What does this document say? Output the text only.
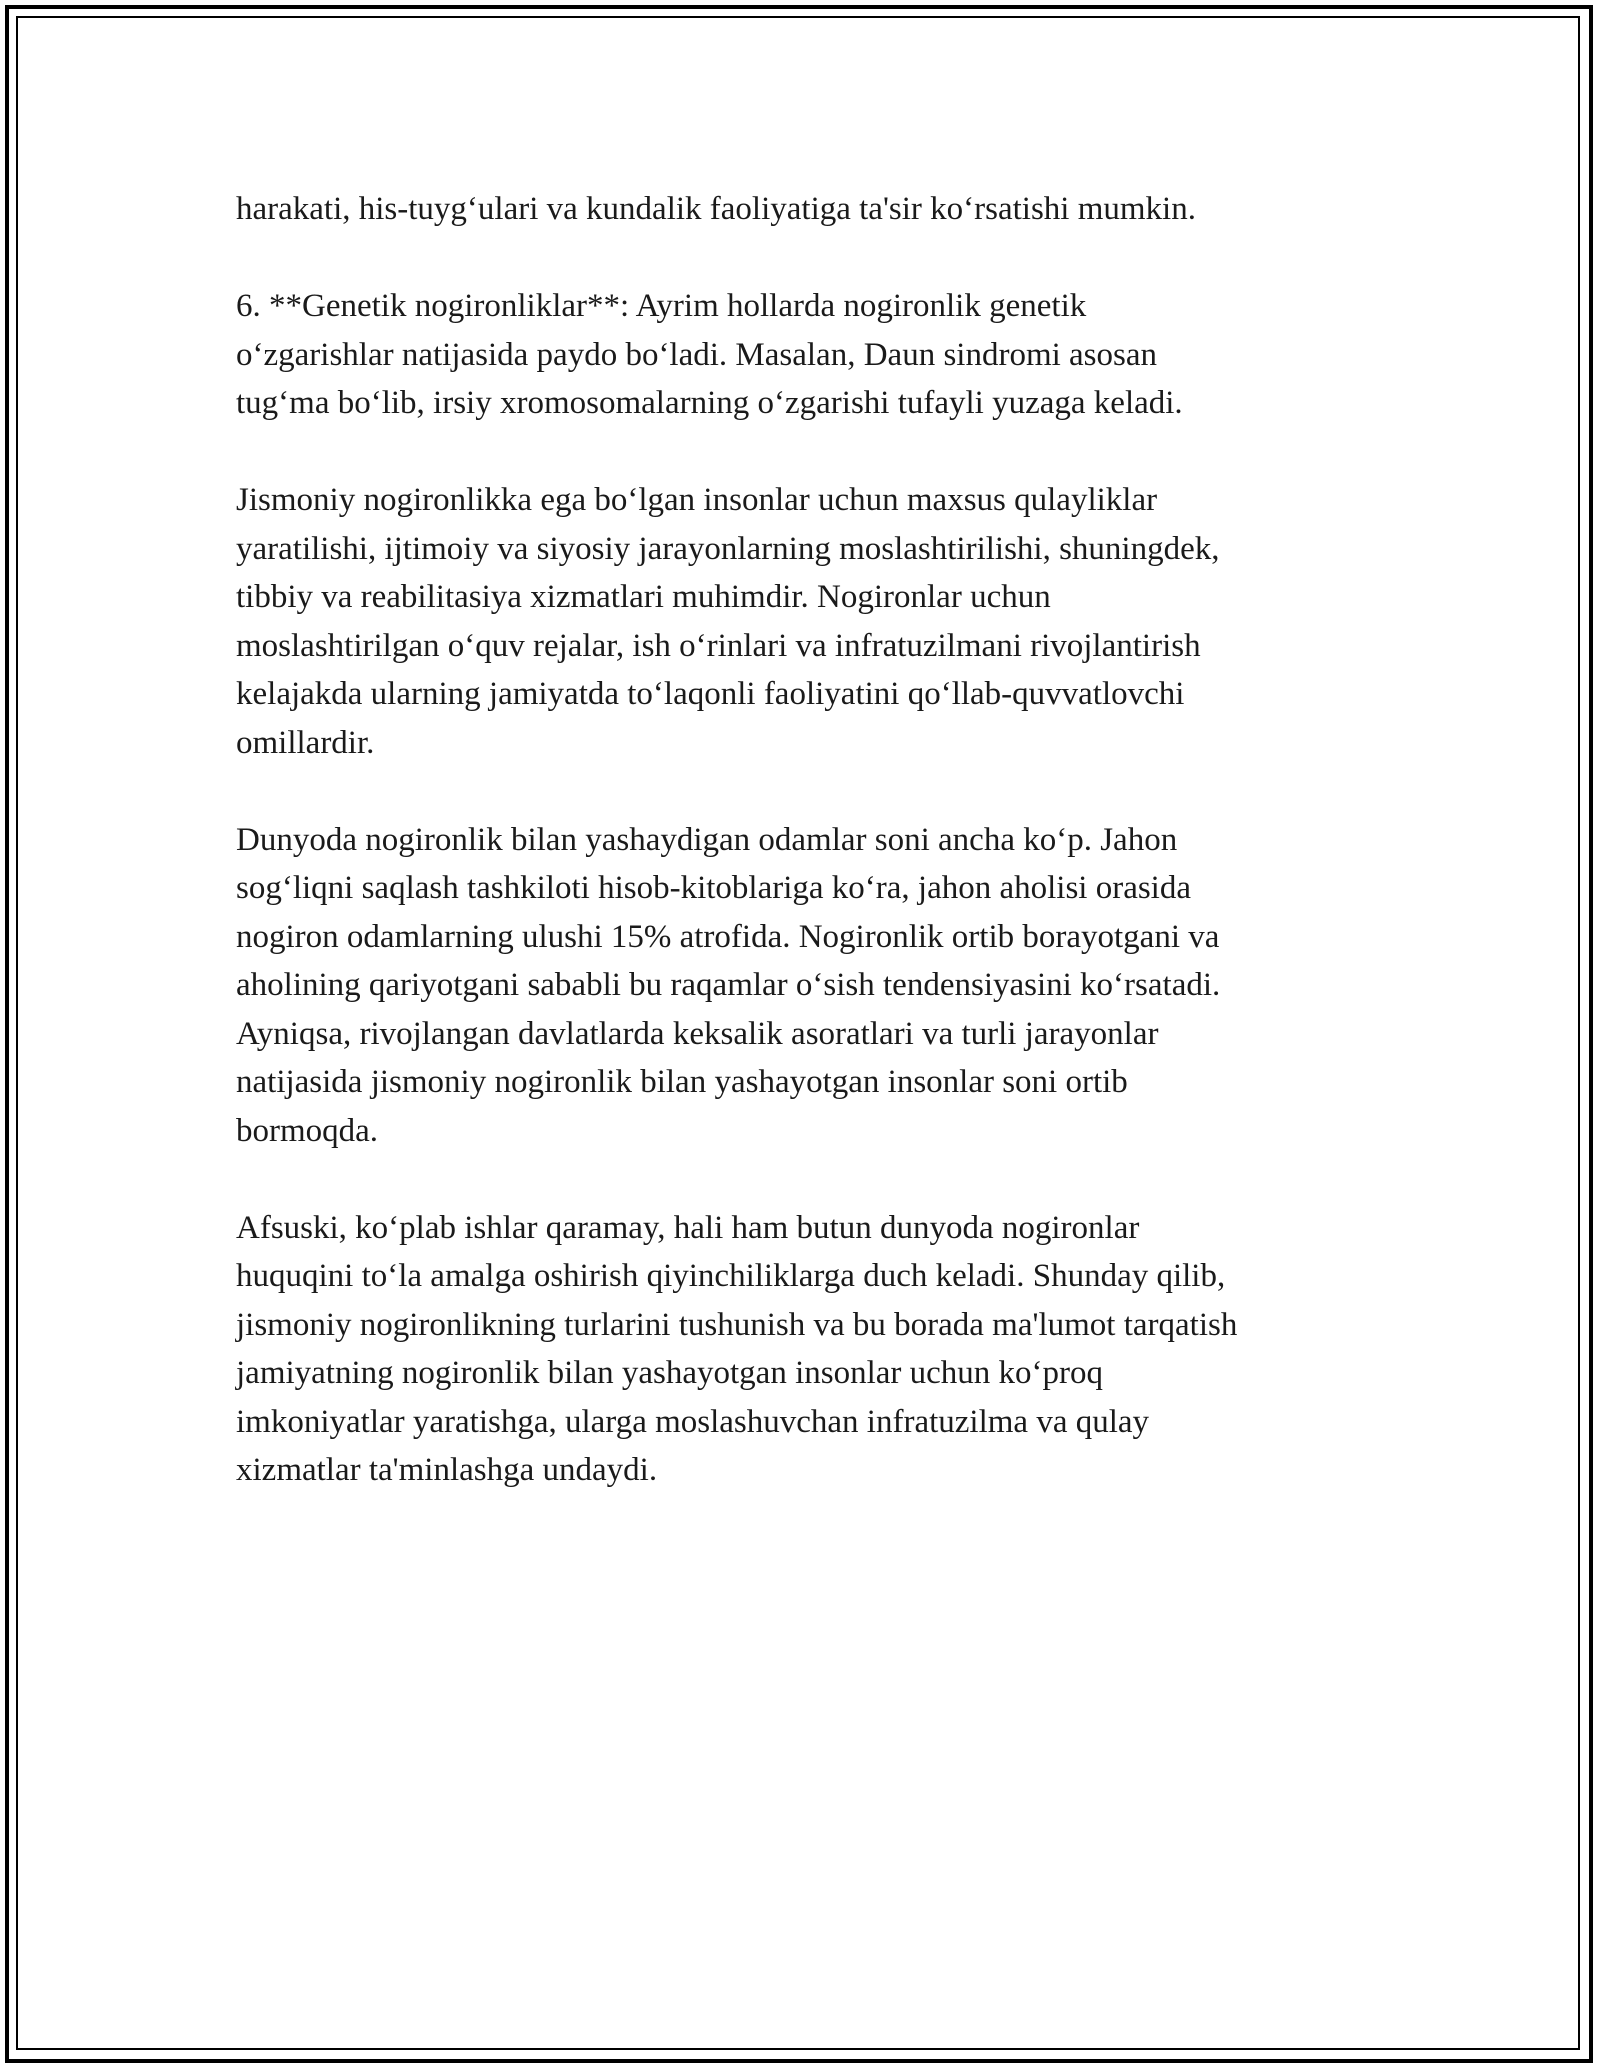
harakati, his-tuyg‘ulari va kundalik faoliyatiga ta'sir ko‘rsatishi mumkin.
6. **Genetik nogironliklar**: Ayrim hollarda nogironlik genetik
o‘zgarishlar natijasida paydo bo‘ladi. Masalan, Daun sindromi asosan
tug‘ma bo‘lib, irsiy xromosomalarning o‘zgarishi tufayli yuzaga keladi.
Jismoniy nogironlikka ega bo‘lgan insonlar uchun maxsus qulayliklar
yaratilishi, ijtimoiy va siyosiy jarayonlarning moslashtirilishi, shuningdek,
tibbiy va reabilitasiya xizmatlari muhimdir. Nogironlar uchun
moslashtirilgan o‘quv rejalar, ish o‘rinlari va infratuzilmani rivojlantirish
kelajakda ularning jamiyatda to‘laqonli faoliyatini qo‘llab-quvvatlovchi
omillardir.
Dunyoda nogironlik bilan yashaydigan odamlar soni ancha ko‘p. Jahon
sog‘liqni saqlash tashkiloti hisob-kitoblariga ko‘ra, jahon aholisi orasida
nogiron odamlarning ulushi 15% atrofida. Nogironlik ortib borayotgani va
aholining qariyotgani sababli bu raqamlar o‘sish tendensiyasini ko‘rsatadi.
Ayniqsa, rivojlangan davlatlarda keksalik asoratlari va turli jarayonlar
natijasida jismoniy nogironlik bilan yashayotgan insonlar soni ortib
bormoqda.
Afsuski, ko‘plab ishlar qaramay, hali ham butun dunyoda nogironlar
huquqini to‘la amalga oshirish qiyinchiliklarga duch keladi. Shunday qilib,
jismoniy nogironlikning turlarini tushunish va bu borada ma'lumot tarqatish
jamiyatning nogironlik bilan yashayotgan insonlar uchun ko‘proq
imkoniyatlar yaratishga, ularga moslashuvchan infratuzilma va qulay
xizmatlar ta'minlashga undaydi.
